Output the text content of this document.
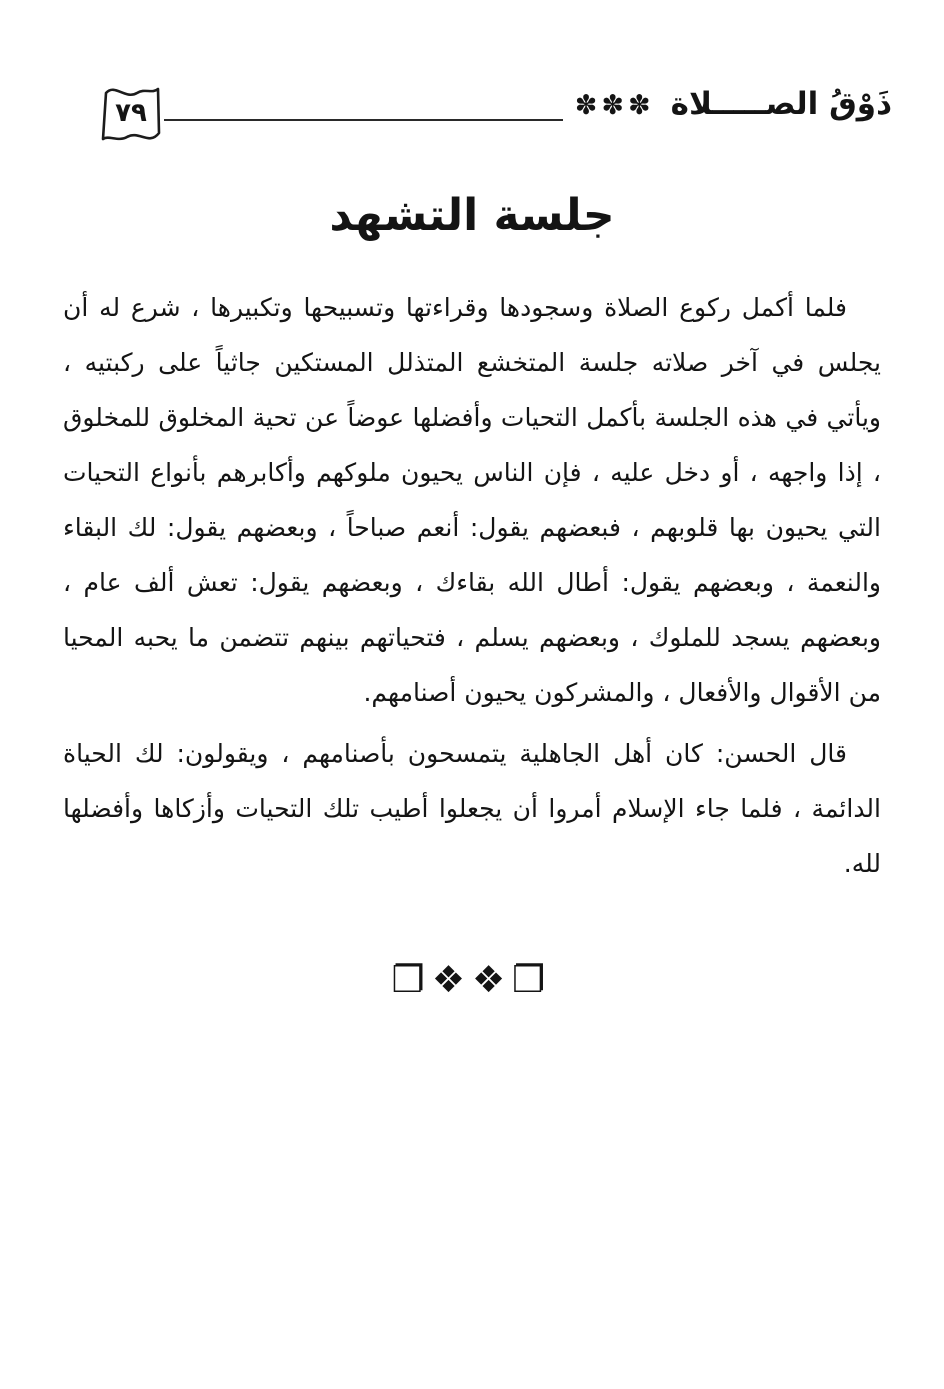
٧٩	ذَوْقُ الصـــــلاة
✽✽✽
جلسة التشهد

فلما أكمل ركوع الصلاة وسجودها وقراءتها وتسبيحها وتكبيرها ، شرع له أن يجلس في آخر صلاته جلسة المتخشع المتذلل المستكين جاثياً على ركبتيه ، ويأتي في هذه الجلسة بأكمل التحيات وأفضلها عوضاً عن تحية المخلوق للمخلوق ، إذا واجهه ، أو دخل عليه ، فإن الناس يحيون ملوكهم وأكابرهم بأنواع التحيات التي يحيون بها قلوبهم ، فبعضهم يقول: أنعم صباحاً ، وبعضهم يقول: لك البقاء والنعمة ، وبعضهم يقول: أطال الله بقاءك ، وبعضهم يقول: تعش ألف عام ، وبعضهم يسجد للملوك ، وبعضهم يسلم ، فتحياتهم بينهم تتضمن ما يحبه المحيا من الأقوال والأفعال ، والمشركون يحيون أصنامهم.

قال الحسن: كان أهل الجاهلية يتمسحون بأصنامهم ، ويقولون: لك الحياة الدائمة ، فلما جاء الإسلام أمروا أن يجعلوا أطيب تلك التحيات وأزكاها وأفضلها لله.

❐❖❖❐
